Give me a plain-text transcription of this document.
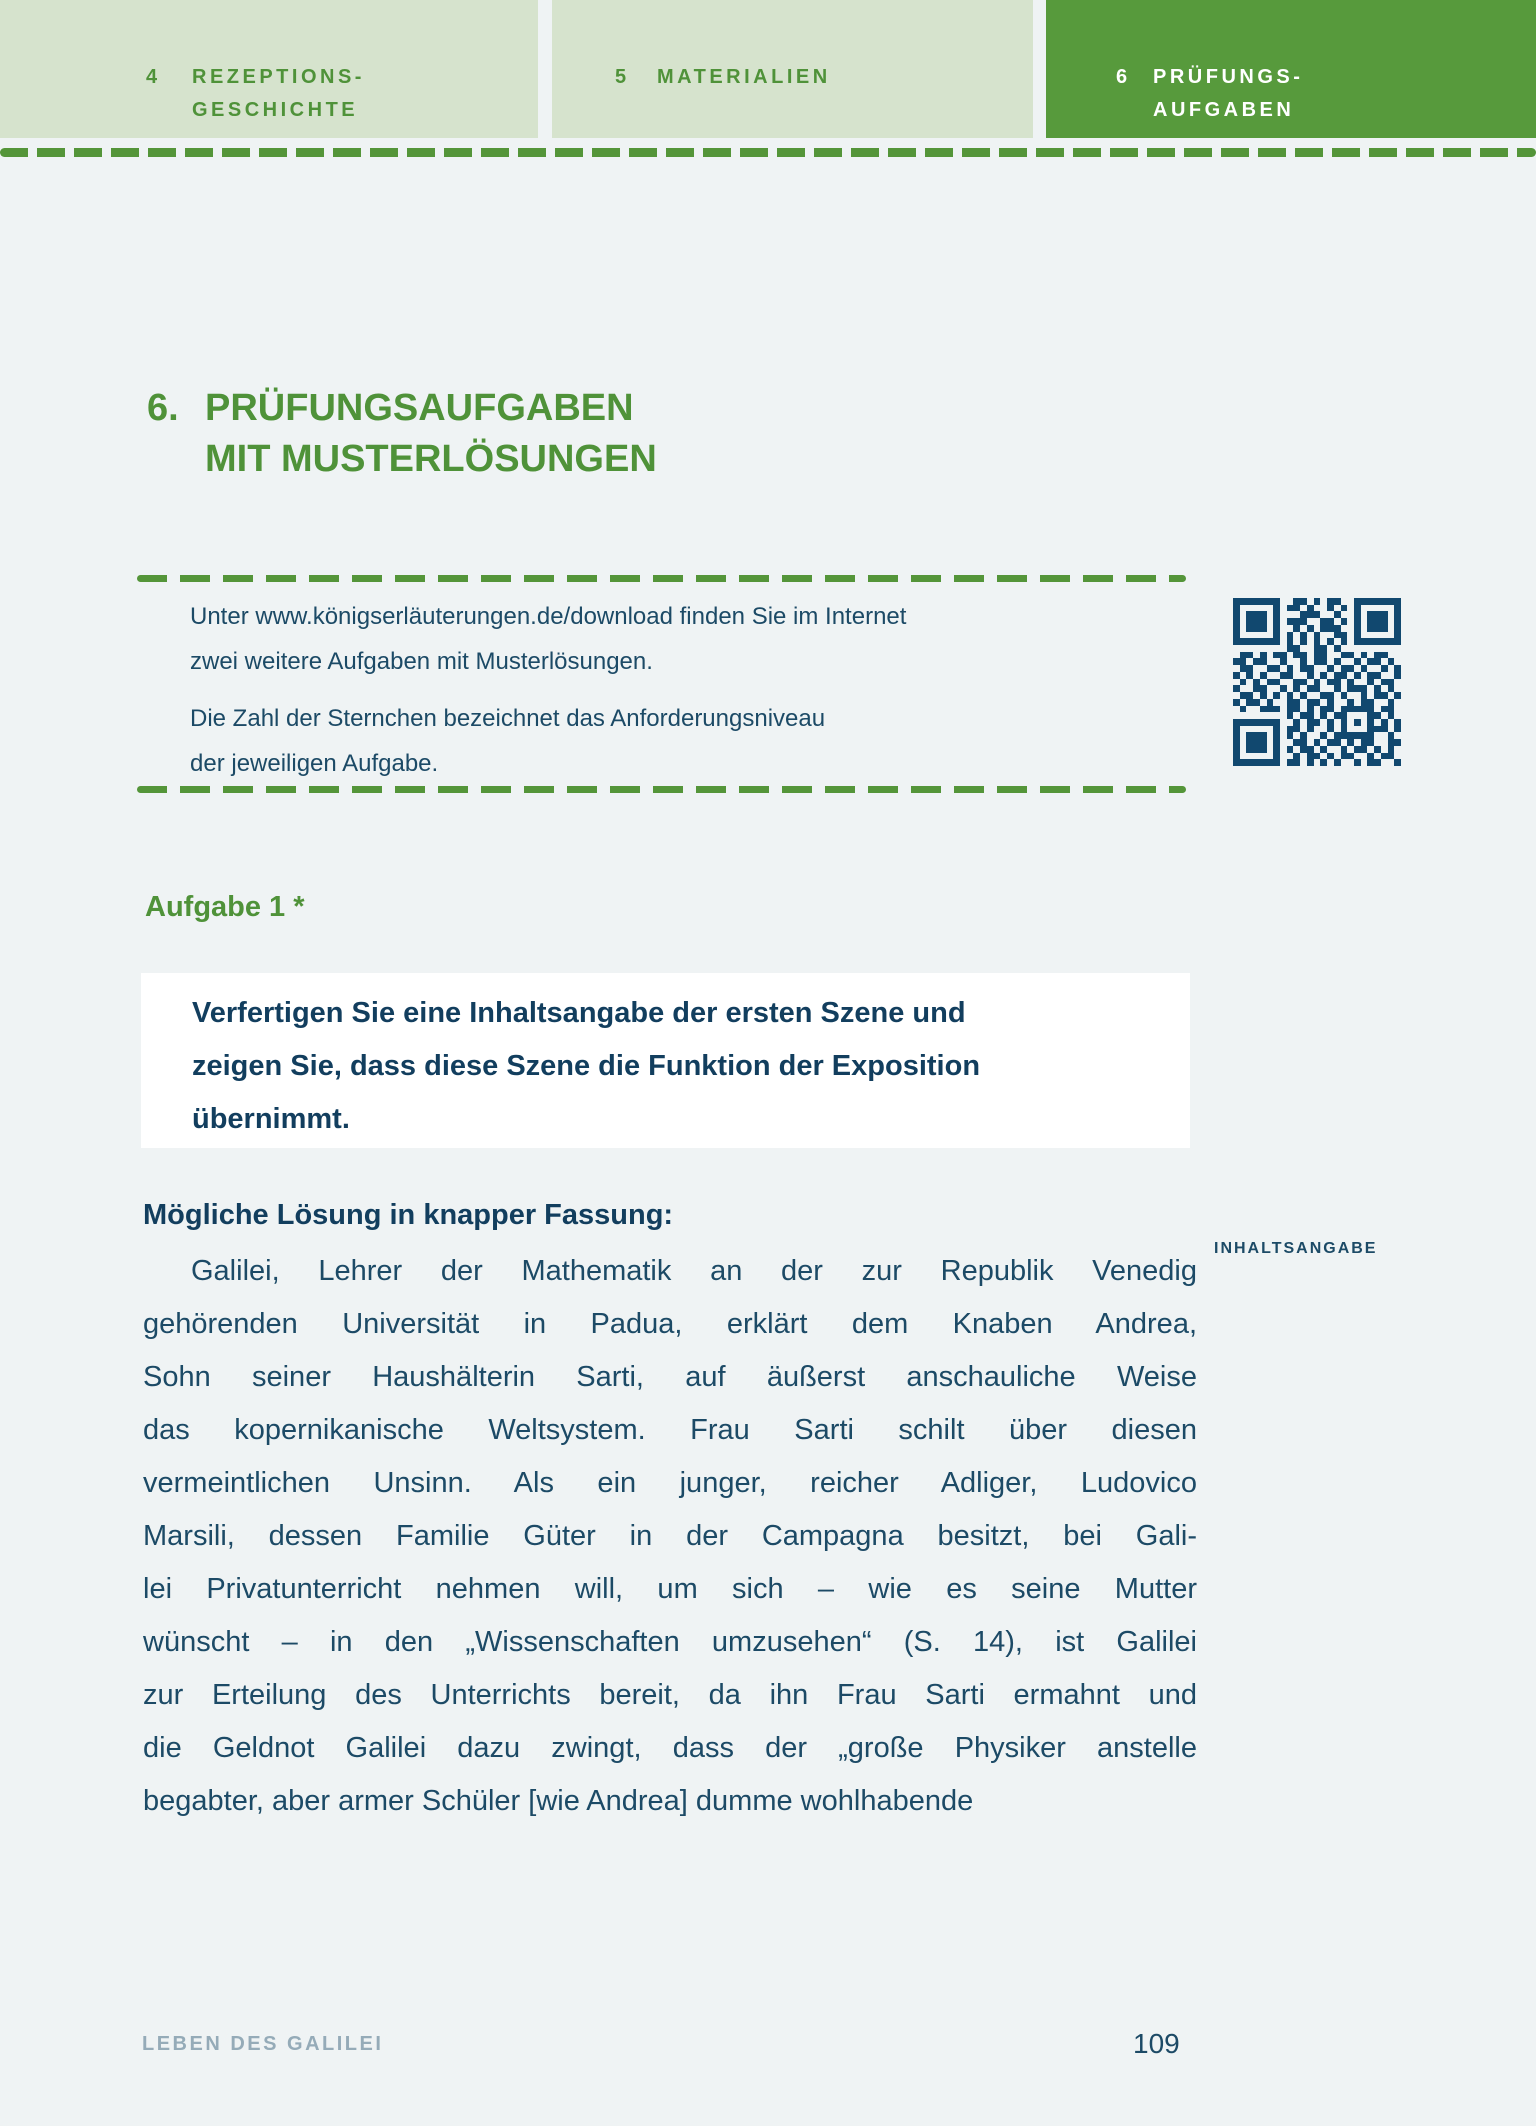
4	REZEPTIONS-
GESCHICHTE
5	MATERIALIEN	6	PRÜFUNGS-
AUFGABEN
6. PRÜFUNGSAUFGABEN
MIT MUSTERLÖSUNGEN
Unter www.königserläuterungen.de/download finden Sie im Internet
zwei weitere Aufgaben mit Musterlösungen.
Die Zahl der Sternchen bezeichnet das Anforderungsniveau
der jeweiligen Aufgabe.
Aufgabe 1 *
Verfertigen Sie eine Inhaltsangabe der ersten Szene und
zeigen Sie, dass diese Szene die Funktion der Exposition
übernimmt.
Mögliche Lösung in knapper Fassung:
Galilei, Lehrer der Mathematik an der zur Republik Venedig
gehörenden Universität in Padua, erklärt dem Knaben Andrea,
Sohn seiner Haushälterin Sarti, auf äußerst anschauliche Weise
das kopernikanische Weltsystem. Frau Sarti schilt über diesen
vermeintlichen Unsinn. Als ein junger, reicher Adliger, Ludovico
Marsili, dessen Familie Güter in der Campagna besitzt, bei Gali-
lei Privatunterricht nehmen will, um sich – wie es seine Mutter
wünscht – in den „Wissenschaften umzusehen“ (S. 14), ist Galilei
zur Erteilung des Unterrichts bereit, da ihn Frau Sarti ermahnt und
die Geldnot Galilei dazu zwingt, dass der „große Physiker anstelle
begabter, aber armer Schüler [wie Andrea] dumme wohlhabende
INHALTSANGABE
LEBEN DES GALILEI	109
